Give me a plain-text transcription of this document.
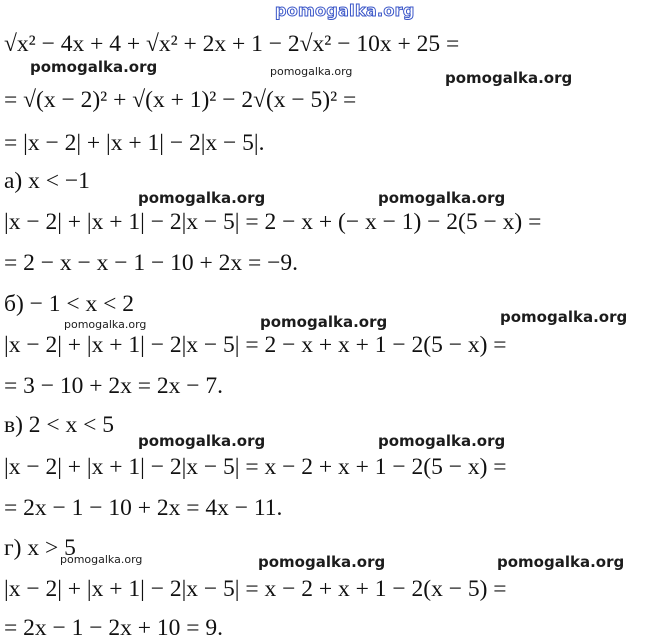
pomogalka.org
√x² − 4x + 4 + √x² + 2x + 1 − 2√x² − 10x + 25 =
= √(x − 2)² + √(x + 1)² − 2√(x − 5)² =
= |x − 2| + |x + 1| − 2|x − 5|.
а) x < −1
|x − 2| + |x + 1| − 2|x − 5| = 2 − x + (− x − 1) − 2(5 − x) =
= 2 − x − x − 1 − 10 + 2x = −9.
б) − 1 < x < 2
|x − 2| + |x + 1| − 2|x − 5| = 2 − x + x + 1 − 2(5 − x) =
= 3 − 10 + 2x = 2x − 7.
в) 2 < x < 5
|x − 2| + |x + 1| − 2|x − 5| = x − 2 + x + 1 − 2(5 − x) =
= 2x − 1 − 10 + 2x = 4x − 11.
г) x > 5
|x − 2| + |x + 1| − 2|x − 5| = x − 2 + x + 1 − 2(x − 5) =
= 2x − 1 − 2x + 10 = 9.
pomogalka.org	pomogalka.org	pomogalka.org
pomogalka.org	pomogalka.org
pomogalka.org	pomogalka.org	pomogalka.org
pomogalka.org	pomogalka.org
pomogalka.org	pomogalka.org	pomogalka.org
